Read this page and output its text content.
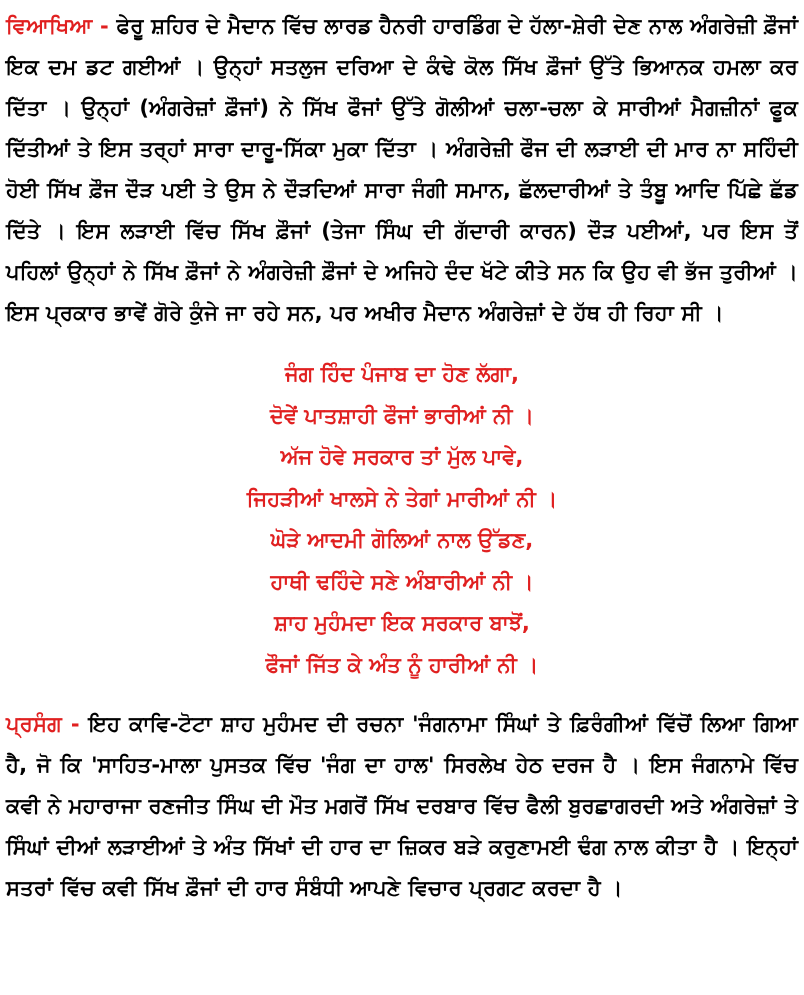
ਵਿਆਖਿਆ - ਫੇਰੂ ਸ਼ਹਿਰ ਦੇ ਮੈਦਾਨ ਵਿੱਚ ਲਾਰਡ ਹੈਨਰੀ ਹਾਰਡਿੰਗ ਦੇ ਹੱਲਾ-ਸ਼ੇਰੀ ਦੇਣ ਨਾਲ ਅੰਗਰੇਜ਼ੀ ਫ਼ੌਜਾਂ ਇਕ ਦਮ ਡਟ ਗਈਆਂ । ਉਨ੍ਹਾਂ ਸਤਲੁਜ ਦਰਿਆ ਦੇ ਕੰਢੇ ਕੋਲ ਸਿੱਖ ਫ਼ੌਜਾਂ ਉੱਤੇ ਭਿਆਨਕ ਹਮਲਾ ਕਰ ਦਿੱਤਾ । ਉਨ੍ਹਾਂ (ਅੰਗਰੇਜ਼ਾਂ ਫ਼ੌਜਾਂ) ਨੇ ਸਿੱਖ ਫੌਜਾਂ ਉੱਤੇ ਗੋਲੀਆਂ ਚਲਾ-ਚਲਾ ਕੇ ਸਾਰੀਆਂ ਮੈਗਜ਼ੀਨਾਂ ਫੂਕ ਦਿੱਤੀਆਂ ਤੇ ਇਸ ਤਰ੍ਹਾਂ ਸਾਰਾ ਦਾਰੂ-ਸਿੱਕਾ ਮੁਕਾ ਦਿੱਤਾ । ਅੰਗਰੇਜ਼ੀ ਫੌਜ ਦੀ ਲੜਾਈ ਦੀ ਮਾਰ ਨਾ ਸਹਿੰਦੀ ਹੋਈ ਸਿੱਖ ਫ਼ੌਜ ਦੌੜ ਪਈ ਤੇ ਉਸ ਨੇ ਦੌੜਦਿਆਂ ਸਾਰਾ ਜੰਗੀ ਸਮਾਨ, ਛੱਲਦਾਰੀਆਂ ਤੇ ਤੰਬੂ ਆਦਿ ਪਿੱਛੇ ਛੱਡ ਦਿੱਤੇ । ਇਸ ਲੜਾਈ ਵਿੱਚ ਸਿੱਖ ਫ਼ੌਜਾਂ (ਤੇਜਾ ਸਿੰਘ ਦੀ ਗੱਦਾਰੀ ਕਾਰਨ) ਦੌੜ ਪਈਆਂ, ਪਰ ਇਸ ਤੋਂ ਪਹਿਲਾਂ ਉਨ੍ਹਾਂ ਨੇ ਸਿੱਖ ਫ਼ੌਜਾਂ ਨੇ ਅੰਗਰੇਜ਼ੀ ਫ਼ੌਜਾਂ ਦੇ ਅਜਿਹੇ ਦੰਦ ਖੱਟੇ ਕੀਤੇ ਸਨ ਕਿ ਉਹ ਵੀ ਭੱਜ ਤੁਰੀਆਂ । ਇਸ ਪ੍ਰਕਾਰ ਭਾਵੇਂ ਗੋਰੇ ਕੁੰਜੇ ਜਾ ਰਹੇ ਸਨ, ਪਰ ਅਖੀਰ ਮੈਦਾਨ ਅੰਗਰੇਜ਼ਾਂ ਦੇ ਹੱਥ ਹੀ ਰਿਹਾ ਸੀ ।

ਜੰਗ ਹਿੰਦ ਪੰਜਾਬ ਦਾ ਹੋਣ ਲੱਗਾ,
ਦੋਵੇਂ ਪਾਤਸ਼ਾਹੀ ਫੌਜਾਂ ਭਾਰੀਆਂ ਨੀ ।
ਅੱਜ ਹੋਵੇ ਸਰਕਾਰ ਤਾਂ ਮੁੱਲ ਪਾਵੇ,
ਜਿਹੜੀਆਂ ਖਾਲਸੇ ਨੇ ਤੇਗਾਂ ਮਾਰੀਆਂ ਨੀ ।
ਘੋੜੇ ਆਦਮੀ ਗੋਲਿਆਂ ਨਾਲ ਉੱਡਣ,
ਹਾਥੀ ਢਹਿੰਦੇ ਸਣੇ ਅੰਬਾਰੀਆਂ ਨੀ ।
ਸ਼ਾਹ ਮੁਹੰਮਦਾ ਇਕ ਸਰਕਾਰ ਬਾਝੋਂ,
ਫੌਜਾਂ ਜਿੱਤ ਕੇ ਅੰਤ ਨੂੰ ਹਾਰੀਆਂ ਨੀ ।

ਪ੍ਰਸੰਗ - ਇਹ ਕਾਵਿ-ਟੋਟਾ ਸ਼ਾਹ ਮੁਹੰਮਦ ਦੀ ਰਚਨਾ 'ਜੰਗਨਾਮਾ ਸਿੰਘਾਂ ਤੇ ਫ਼ਿਰੰਗੀਆਂ ਵਿੱਚੋਂ ਲਿਆ ਗਿਆ ਹੈ, ਜੋ ਕਿ 'ਸਾਹਿਤ-ਮਾਲਾ ਪੁਸਤਕ ਵਿੱਚ 'ਜੰਗ ਦਾ ਹਾਲ' ਸਿਰਲੇਖ ਹੇਠ ਦਰਜ ਹੈ । ਇਸ ਜੰਗਨਾਮੇ ਵਿੱਚ ਕਵੀ ਨੇ ਮਹਾਰਾਜਾ ਰਣਜੀਤ ਸਿੰਘ ਦੀ ਮੌਤ ਮਗਰੋਂ ਸਿੱਖ ਦਰਬਾਰ ਵਿੱਚ ਫੈਲੀ ਬੁਰਛਾਗਰਦੀ ਅਤੇ ਅੰਗਰੇਜ਼ਾਂ ਤੇ ਸਿੰਘਾਂ ਦੀਆਂ ਲੜਾਈਆਂ ਤੇ ਅੰਤ ਸਿੱਖਾਂ ਦੀ ਹਾਰ ਦਾ ਜ਼ਿਕਰ ਬੜੇ ਕਰੁਣਾਮਈ ਢੰਗ ਨਾਲ ਕੀਤਾ ਹੈ । ਇਨ੍ਹਾਂ ਸਤਰਾਂ ਵਿੱਚ ਕਵੀ ਸਿੱਖ ਫ਼ੌਜਾਂ ਦੀ ਹਾਰ ਸੰਬੰਧੀ ਆਪਣੇ ਵਿਚਾਰ ਪ੍ਰਗਟ ਕਰਦਾ ਹੈ ।
